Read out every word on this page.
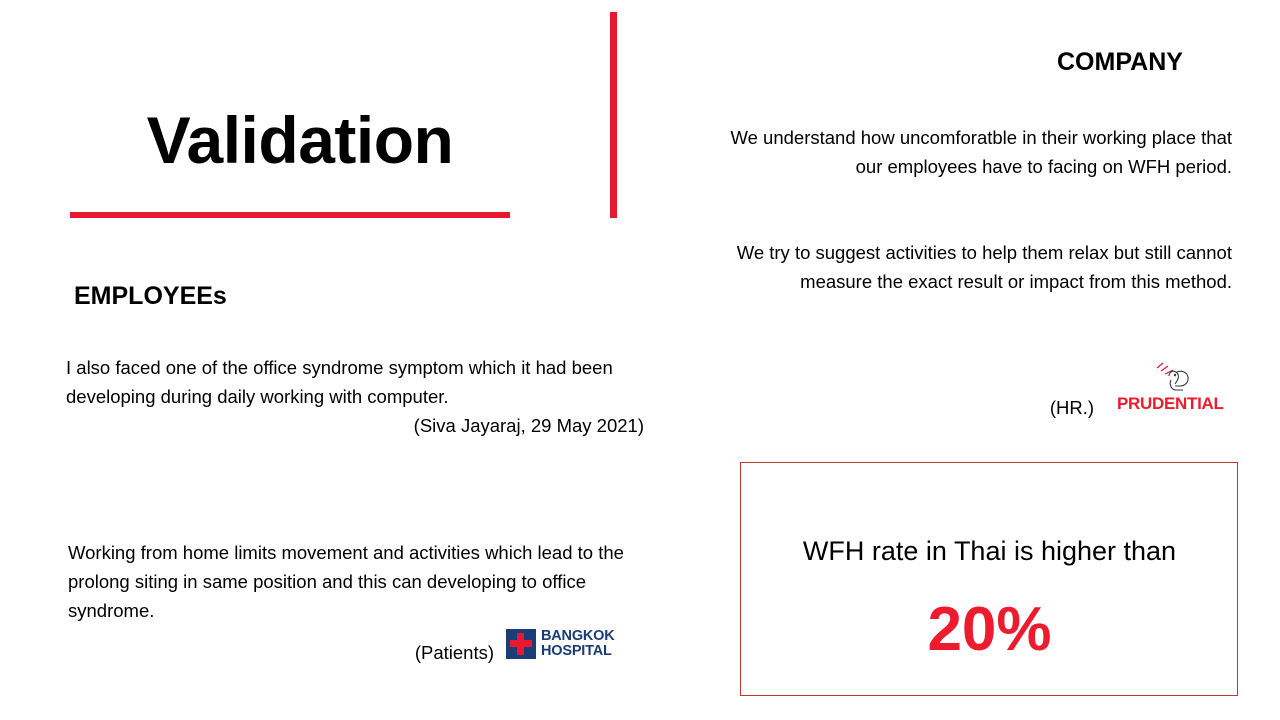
Validation
EMPLOYEEs
I also faced one of the office syndrome symptom which it had been developing during daily working with computer.
(Siva Jayaraj, 29 May 2021)
Working from home limits movement and activities which lead to the prolong siting in same position and this can developing to office syndrome.
(Patients)
BANGKOK
HOSPITAL
COMPANY
We understand how uncomforatble in their working place that our employees have to facing on WFH period.
We try to suggest activities to help them relax but still cannot measure the exact result or impact from this method.
(HR.) PRUDENTIAL
WFH rate in Thai is higher than
20%
